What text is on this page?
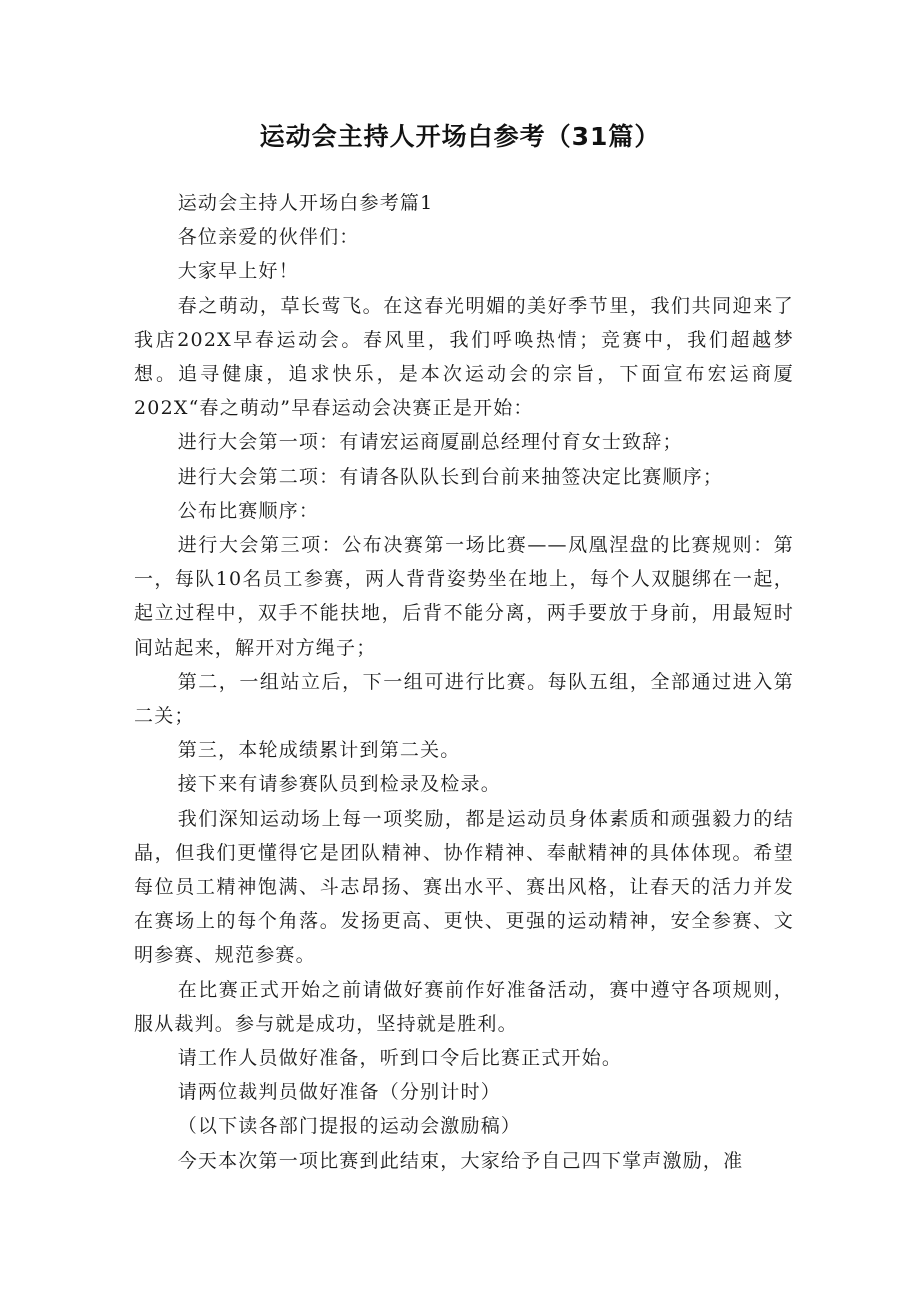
运动会主持人开场白参考（31篇）

运动会主持人开场白参考篇1

各位亲爱的伙伴们：

大家早上好！

春之萌动，草长莺飞。在这春光明媚的美好季节里，我们共同迎来了我店202X早春运动会。春风里，我们呼唤热情；竞赛中，我们超越梦想。追寻健康，追求快乐，是本次运动会的宗旨，下面宣布宏运商厦202X“春之萌动”早春运动会决赛正是开始：

进行大会第一项：有请宏运商厦副总经理付育女士致辞；

进行大会第二项：有请各队队长到台前来抽签决定比赛顺序；

公布比赛顺序：

进行大会第三项：公布决赛第一场比赛——凤凰涅盘的比赛规则：第一，每队10名员工参赛，两人背背姿势坐在地上，每个人双腿绑在一起，起立过程中，双手不能扶地，后背不能分离，两手要放于身前，用最短时间站起来，解开对方绳子；

第二，一组站立后，下一组可进行比赛。每队五组，全部通过进入第二关；

第三，本轮成绩累计到第二关。

接下来有请参赛队员到检录及检录。

我们深知运动场上每一项奖励，都是运动员身体素质和顽强毅力的结晶，但我们更懂得它是团队精神、协作精神、奉献精神的具体体现。希望每位员工精神饱满、斗志昂扬、赛出水平、赛出风格，让春天的活力并发在赛场上的每个角落。发扬更高、更快、更强的运动精神，安全参赛、文明参赛、规范参赛。

在比赛正式开始之前请做好赛前作好准备活动，赛中遵守各项规则，服从裁判。参与就是成功，坚持就是胜利。

请工作人员做好准备，听到口令后比赛正式开始。

请两位裁判员做好准备（分别计时）

（以下读各部门提报的运动会激励稿）

今天本次第一项比赛到此结束，大家给予自己四下掌声激励，准
